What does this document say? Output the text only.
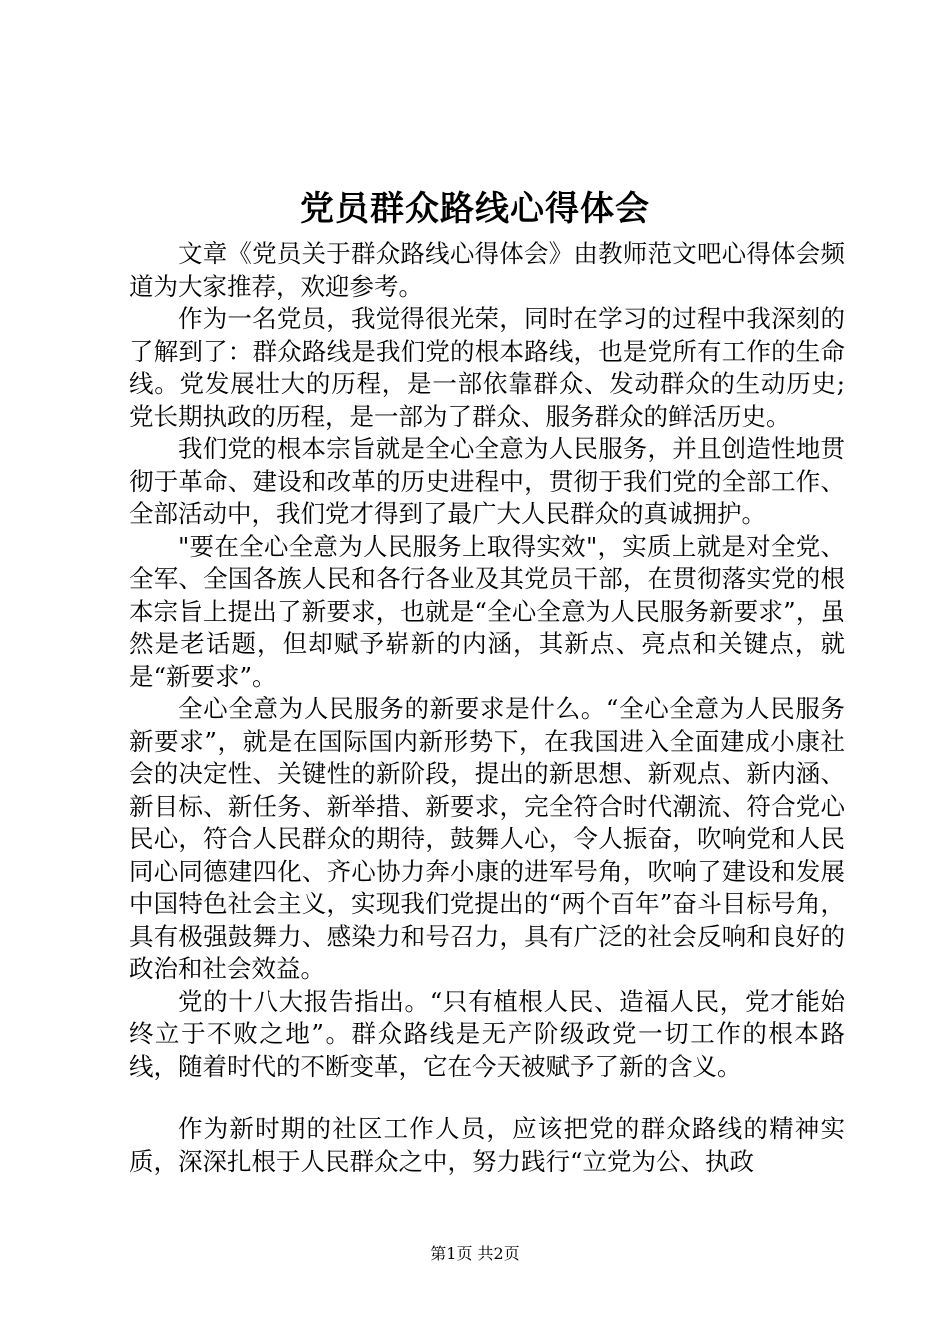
党员群众路线心得体会

文章《党员关于群众路线心得体会》由教师范文吧心得体会频道为大家推荐，欢迎参考。

作为一名党员，我觉得很光荣，同时在学习的过程中我深刻的了解到了：群众路线是我们党的根本路线，也是党所有工作的生命线。党发展壮大的历程，是一部依靠群众、发动群众的生动历史;党长期执政的历程，是一部为了群众、服务群众的鲜活历史。

我们党的根本宗旨就是全心全意为人民服务，并且创造性地贯彻于革命、建设和改革的历史进程中，贯彻于我们党的全部工作、全部活动中，我们党才得到了最广大人民群众的真诚拥护。

"要在全心全意为人民服务上取得实效"，实质上就是对全党、全军、全国各族人民和各行各业及其党员干部，在贯彻落实党的根本宗旨上提出了新要求，也就是“全心全意为人民服务新要求”，虽然是老话题，但却赋予崭新的内涵，其新点、亮点和关键点，就是“新要求”。

全心全意为人民服务的新要求是什么。“全心全意为人民服务新要求”，就是在国际国内新形势下，在我国进入全面建成小康社会的决定性、关键性的新阶段，提出的新思想、新观点、新内涵、新目标、新任务、新举措、新要求，完全符合时代潮流、符合党心民心，符合人民群众的期待，鼓舞人心，令人振奋，吹响党和人民同心同德建四化、齐心协力奔小康的进军号角，吹响了建设和发展中国特色社会主义，实现我们党提出的“两个百年”奋斗目标号角，具有极强鼓舞力、感染力和号召力，具有广泛的社会反响和良好的政治和社会效益。

党的十八大报告指出。“只有植根人民、造福人民，党才能始终立于不败之地”。群众路线是无产阶级政党一切工作的根本路线，随着时代的不断变革，它在今天被赋予了新的含义。

作为新时期的社区工作人员，应该把党的群众路线的精神实质，深深扎根于人民群众之中，努力践行“立党为公、执政

第1页 共2页
